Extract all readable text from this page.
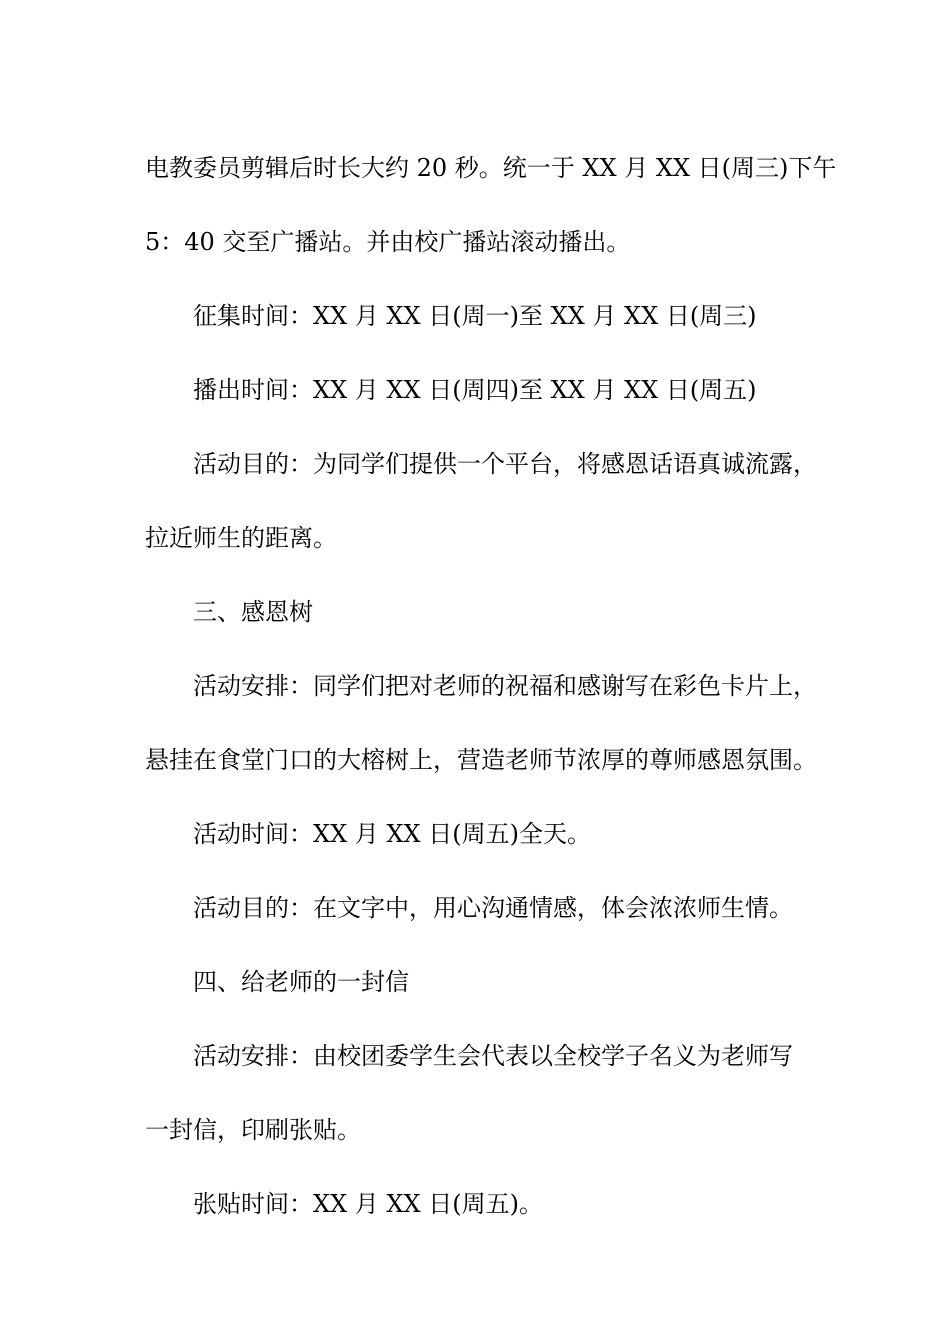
电教委员剪辑后时长大约 20 秒。统一于 XX 月 XX 日(周三)下午

5：40 交至广播站。并由校广播站滚动播出。

征集时间：XX 月 XX 日(周一)至 XX 月 XX 日(周三)

播出时间：XX 月 XX 日(周四)至 XX 月 XX 日(周五)

活动目的：为同学们提供一个平台，将感恩话语真诚流露，

拉近师生的距离。

三、感恩树

活动安排：同学们把对老师的祝福和感谢写在彩色卡片上，

悬挂在食堂门口的大榕树上，营造老师节浓厚的尊师感恩氛围。

活动时间：XX 月 XX 日(周五)全天。

活动目的：在文字中，用心沟通情感，体会浓浓师生情。

四、给老师的一封信

活动安排：由校团委学生会代表以全校学子名义为老师写

一封信，印刷张贴。

张贴时间：XX 月 XX 日(周五)。
